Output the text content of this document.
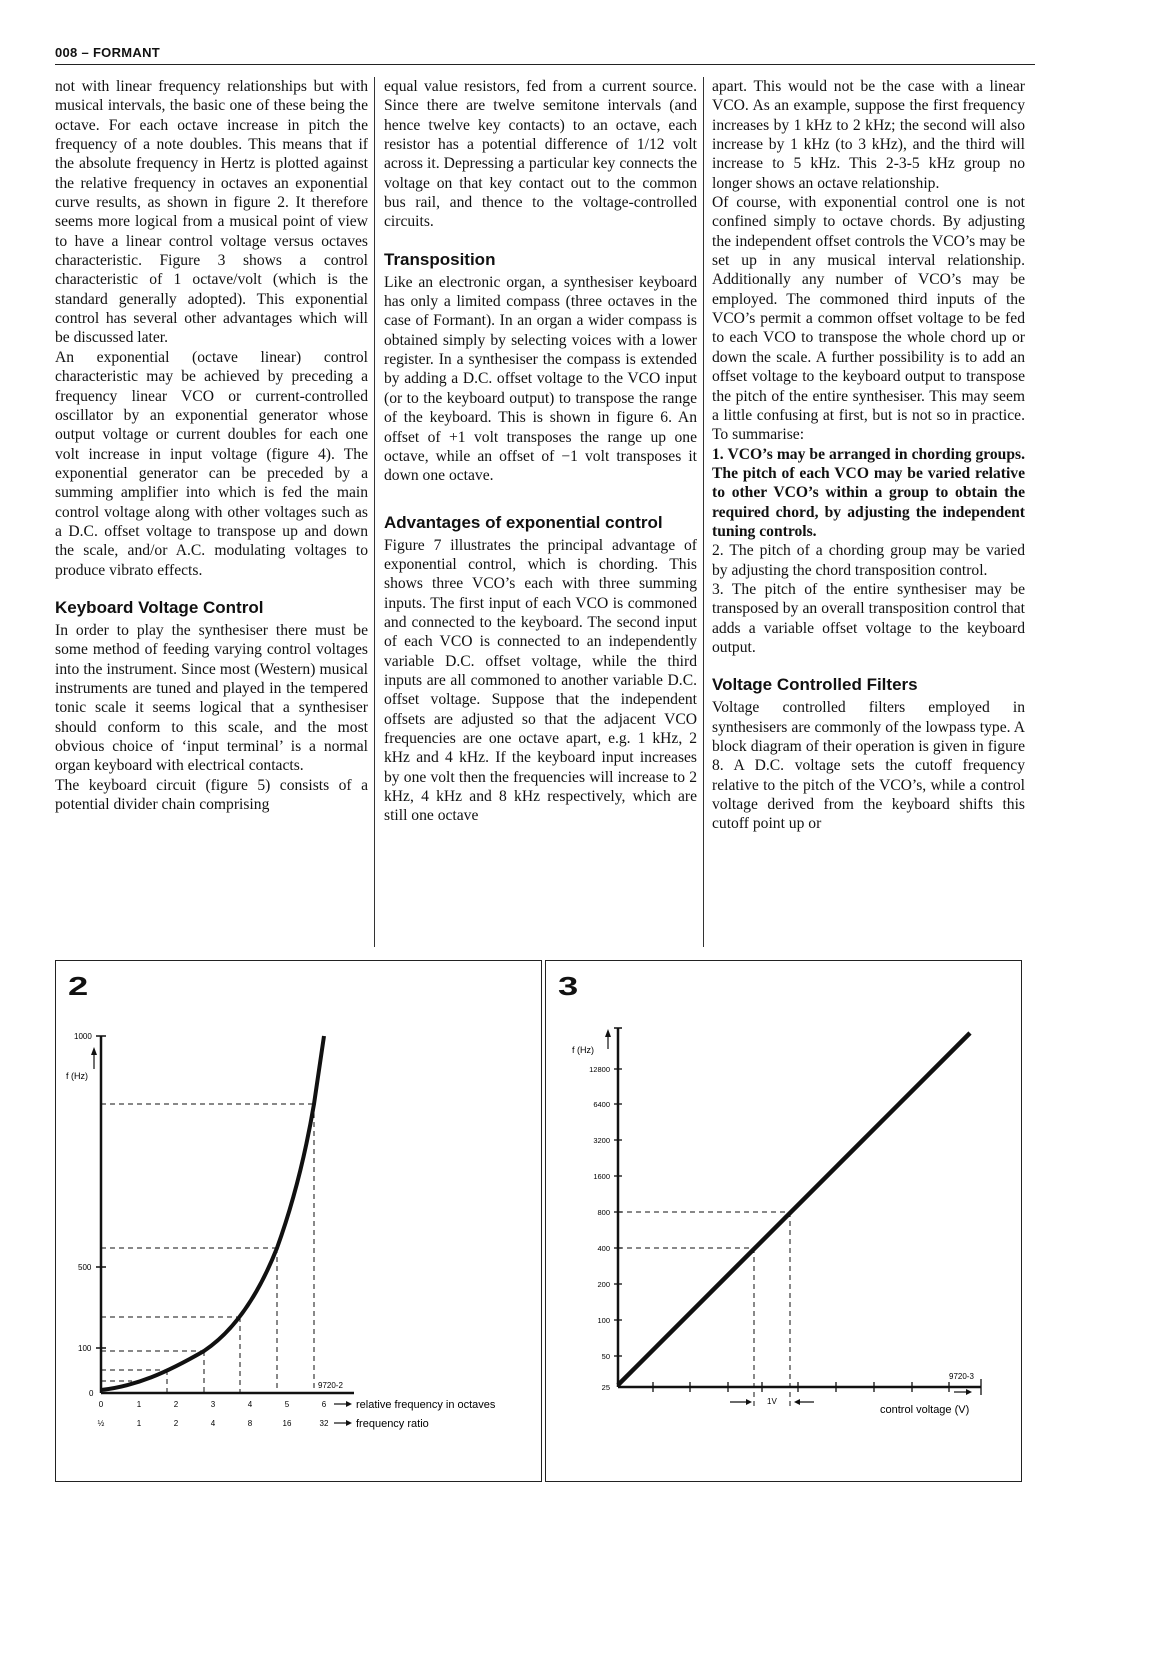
008 – FORMANT

not with linear frequency relationships but with musical intervals, the basic one of these being the octave. For each octave increase in pitch the frequency of a note doubles. This means that if the absolute frequency in Hertz is plotted against the relative frequency in octaves an exponential curve results, as shown in figure 2. It therefore seems more logical from a musical point of view to have a linear control voltage versus octaves characteristic. Figure 3 shows a control characteristic of 1 octave/volt (which is the standard generally adopted). This exponential control has several other advantages which will be discussed later.

An exponential (octave linear) control characteristic may be achieved by preceding a frequency linear VCO or current-controlled oscillator by an exponential generator whose output voltage or current doubles for each one volt increase in input voltage (figure 4). The exponential generator can be preceded by a summing amplifier into which is fed the main control voltage along with other voltages such as a D.C. offset voltage to transpose up and down the scale, and/or A.C. modulating voltages to produce vibrato effects.

Keyboard Voltage Control

In order to play the synthesiser there must be some method of feeding varying control voltages into the instrument. Since most (Western) musical instruments are tuned and played in the tempered tonic scale it seems logical that a synthesiser should conform to this scale, and the most obvious choice of ‘input terminal’ is a normal organ keyboard with electrical contacts.

The keyboard circuit (figure 5) consists of a potential divider chain comprising

equal value resistors, fed from a current source. Since there are twelve semitone intervals (and hence twelve key contacts) to an octave, each resistor has a potential difference of 1/12 volt across it. Depressing a particular key connects the voltage on that key contact out to the common bus rail, and thence to the voltage-controlled circuits.

Transposition

Like an electronic organ, a synthesiser keyboard has only a limited compass (three octaves in the case of Formant). In an organ a wider compass is obtained simply by selecting voices with a lower register. In a synthesiser the compass is extended by adding a D.C. offset voltage to the VCO input (or to the keyboard output) to transpose the range of the keyboard. This is shown in figure 6. An offset of +1 volt transposes the range up one octave, while an offset of −1 volt transposes it down one octave.

Advantages of exponential control

Figure 7 illustrates the principal advantage of exponential control, which is chording. This shows three VCO’s each with three summing inputs. The first input of each VCO is commoned and connected to the keyboard. The second input of each VCO is connected to an independently variable D.C. offset voltage, while the third inputs are all commoned to another variable D.C. offset voltage. Suppose that the independent offsets are adjusted so that the adjacent VCO frequencies are one octave apart, e.g. 1 kHz, 2 kHz and 4 kHz. If the keyboard input increases by one volt then the frequencies will increase to 2 kHz, 4 kHz and 8 kHz respectively, which are still one octave

apart. This would not be the case with a linear VCO. As an example, suppose the first frequency increases by 1 kHz to 2 kHz; the second will also increase by 1 kHz (to 3 kHz), and the third will increase to 5 kHz. This 2-3-5 kHz group no longer shows an octave relationship.

Of course, with exponential control one is not confined simply to octave chords. By adjusting the independent offset controls the VCO’s may be set up in any musical interval relationship. Additionally any number of VCO’s may be employed. The commoned third inputs of the VCO’s permit a common offset voltage to be fed to each VCO to transpose the whole chord up or down the scale. A further possibility is to add an offset voltage to the keyboard output to transpose the pitch of the entire synthesiser. This may seem a little confusing at first, but is not so in practice. To summarise:

1. VCO’s may be arranged in chording groups. The pitch of each VCO may be varied relative to other VCO’s within a group to obtain the required chord, by adjusting the independent tuning controls.

2. The pitch of a chording group may be varied by adjusting the chord transposition control.

3. The pitch of the entire synthesiser may be transposed by an overall transposition control that adds a variable offset voltage to the keyboard output.

Voltage Controlled Filters

Voltage controlled filters employed in synthesisers are commonly of the lowpass type. A block diagram of their operation is given in figure 8. A D.C. voltage sets the cutoff frequency relative to the pitch of the VCO’s, while a control voltage derived from the keyboard shifts this cutoff point up or

2
f (Hz)
1000
500
100
0
0	1	2	3	4	5	6
½	1	2	4	8	16	32
9720-2
relative frequency in octaves
frequency ratio
3
f (Hz)
12800
6400
3200
1600
800
400
200
100
50
25
9720-3
1V
control voltage (V)
